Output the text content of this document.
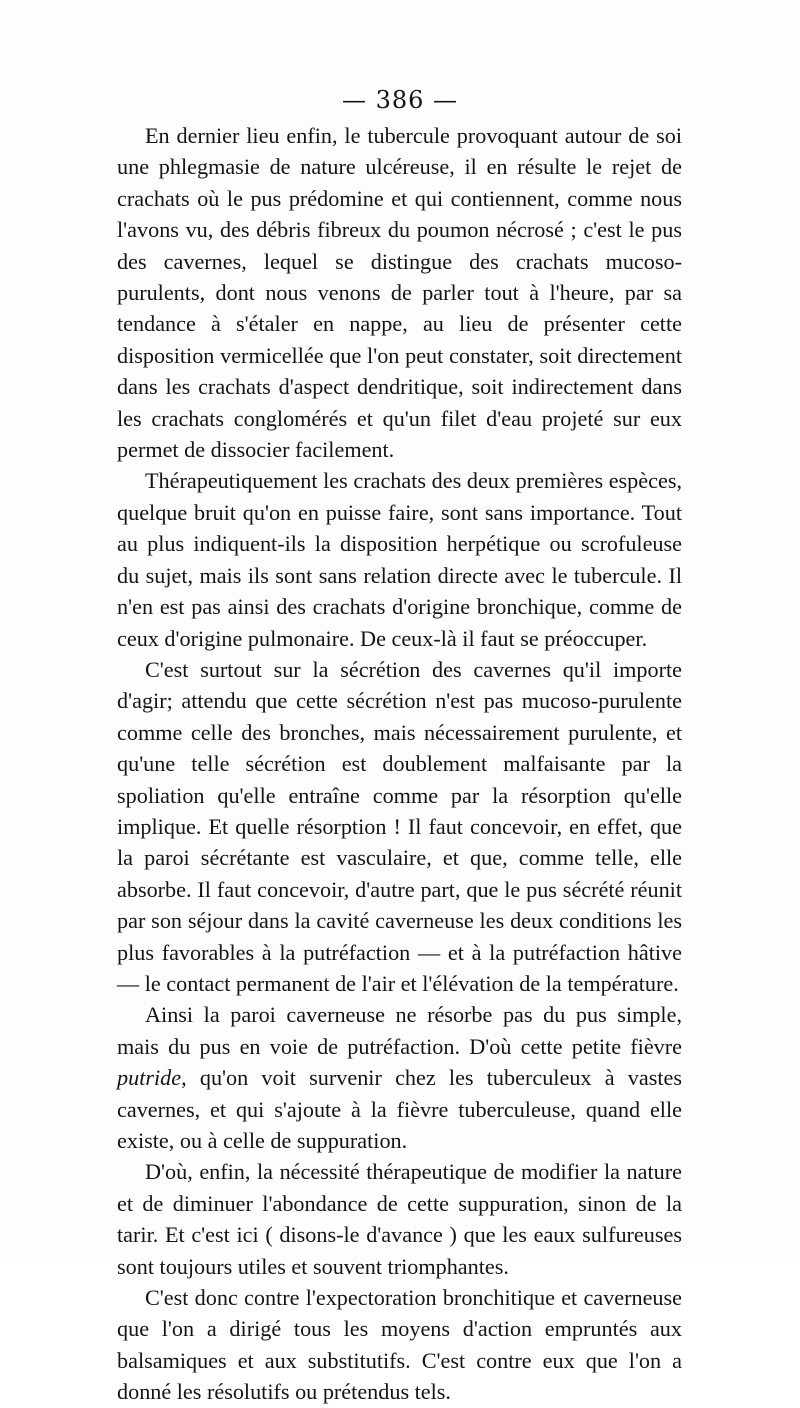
— 386 —

En dernier lieu enfin, le tubercule provoquant autour de soi une phlegmasie de nature ulcéreuse, il en résulte le rejet de crachats où le pus prédomine et qui contiennent, comme nous l'avons vu, des débris fibreux du poumon nécrosé ; c'est le pus des cavernes, lequel se distingue des crachats mucoso-purulents, dont nous venons de parler tout à l'heure, par sa tendance à s'étaler en nappe, au lieu de présenter cette disposition vermicellée que l'on peut constater, soit directement dans les crachats d'aspect dendritique, soit indirectement dans les crachats conglomérés et qu'un filet d'eau projeté sur eux permet de dissocier facilement.

Thérapeutiquement les crachats des deux premières espèces, quelque bruit qu'on en puisse faire, sont sans importance. Tout au plus indiquent-ils la disposition herpétique ou scrofuleuse du sujet, mais ils sont sans relation directe avec le tubercule. Il n'en est pas ainsi des crachats d'origine bronchique, comme de ceux d'origine pulmonaire. De ceux-là il faut se préoccuper.

C'est surtout sur la sécrétion des cavernes qu'il importe d'agir; attendu que cette sécrétion n'est pas mucoso-purulente comme celle des bronches, mais nécessairement purulente, et qu'une telle sécrétion est doublement malfaisante par la spoliation qu'elle entraîne comme par la résorption qu'elle implique. Et quelle résorption ! Il faut concevoir, en effet, que la paroi sécrétante est vasculaire, et que, comme telle, elle absorbe. Il faut concevoir, d'autre part, que le pus sécrété réunit par son séjour dans la cavité caverneuse les deux conditions les plus favorables à la putréfaction — et à la putréfaction hâtive — le contact permanent de l'air et l'élévation de la température.

Ainsi la paroi caverneuse ne résorbe pas du pus simple, mais du pus en voie de putréfaction. D'où cette petite fièvre putride, qu'on voit survenir chez les tuberculeux à vastes cavernes, et qui s'ajoute à la fièvre tuberculeuse, quand elle existe, ou à celle de suppuration.

D'où, enfin, la nécessité thérapeutique de modifier la nature et de diminuer l'abondance de cette suppuration, sinon de la tarir. Et c'est ici ( disons-le d'avance ) que les eaux sulfureuses sont toujours utiles et souvent triomphantes.

C'est donc contre l'expectoration bronchitique et caverneuse que l'on a dirigé tous les moyens d'action empruntés aux balsamiques et aux substitutifs. C'est contre eux que l'on a donné les résolutifs ou prétendus tels.
